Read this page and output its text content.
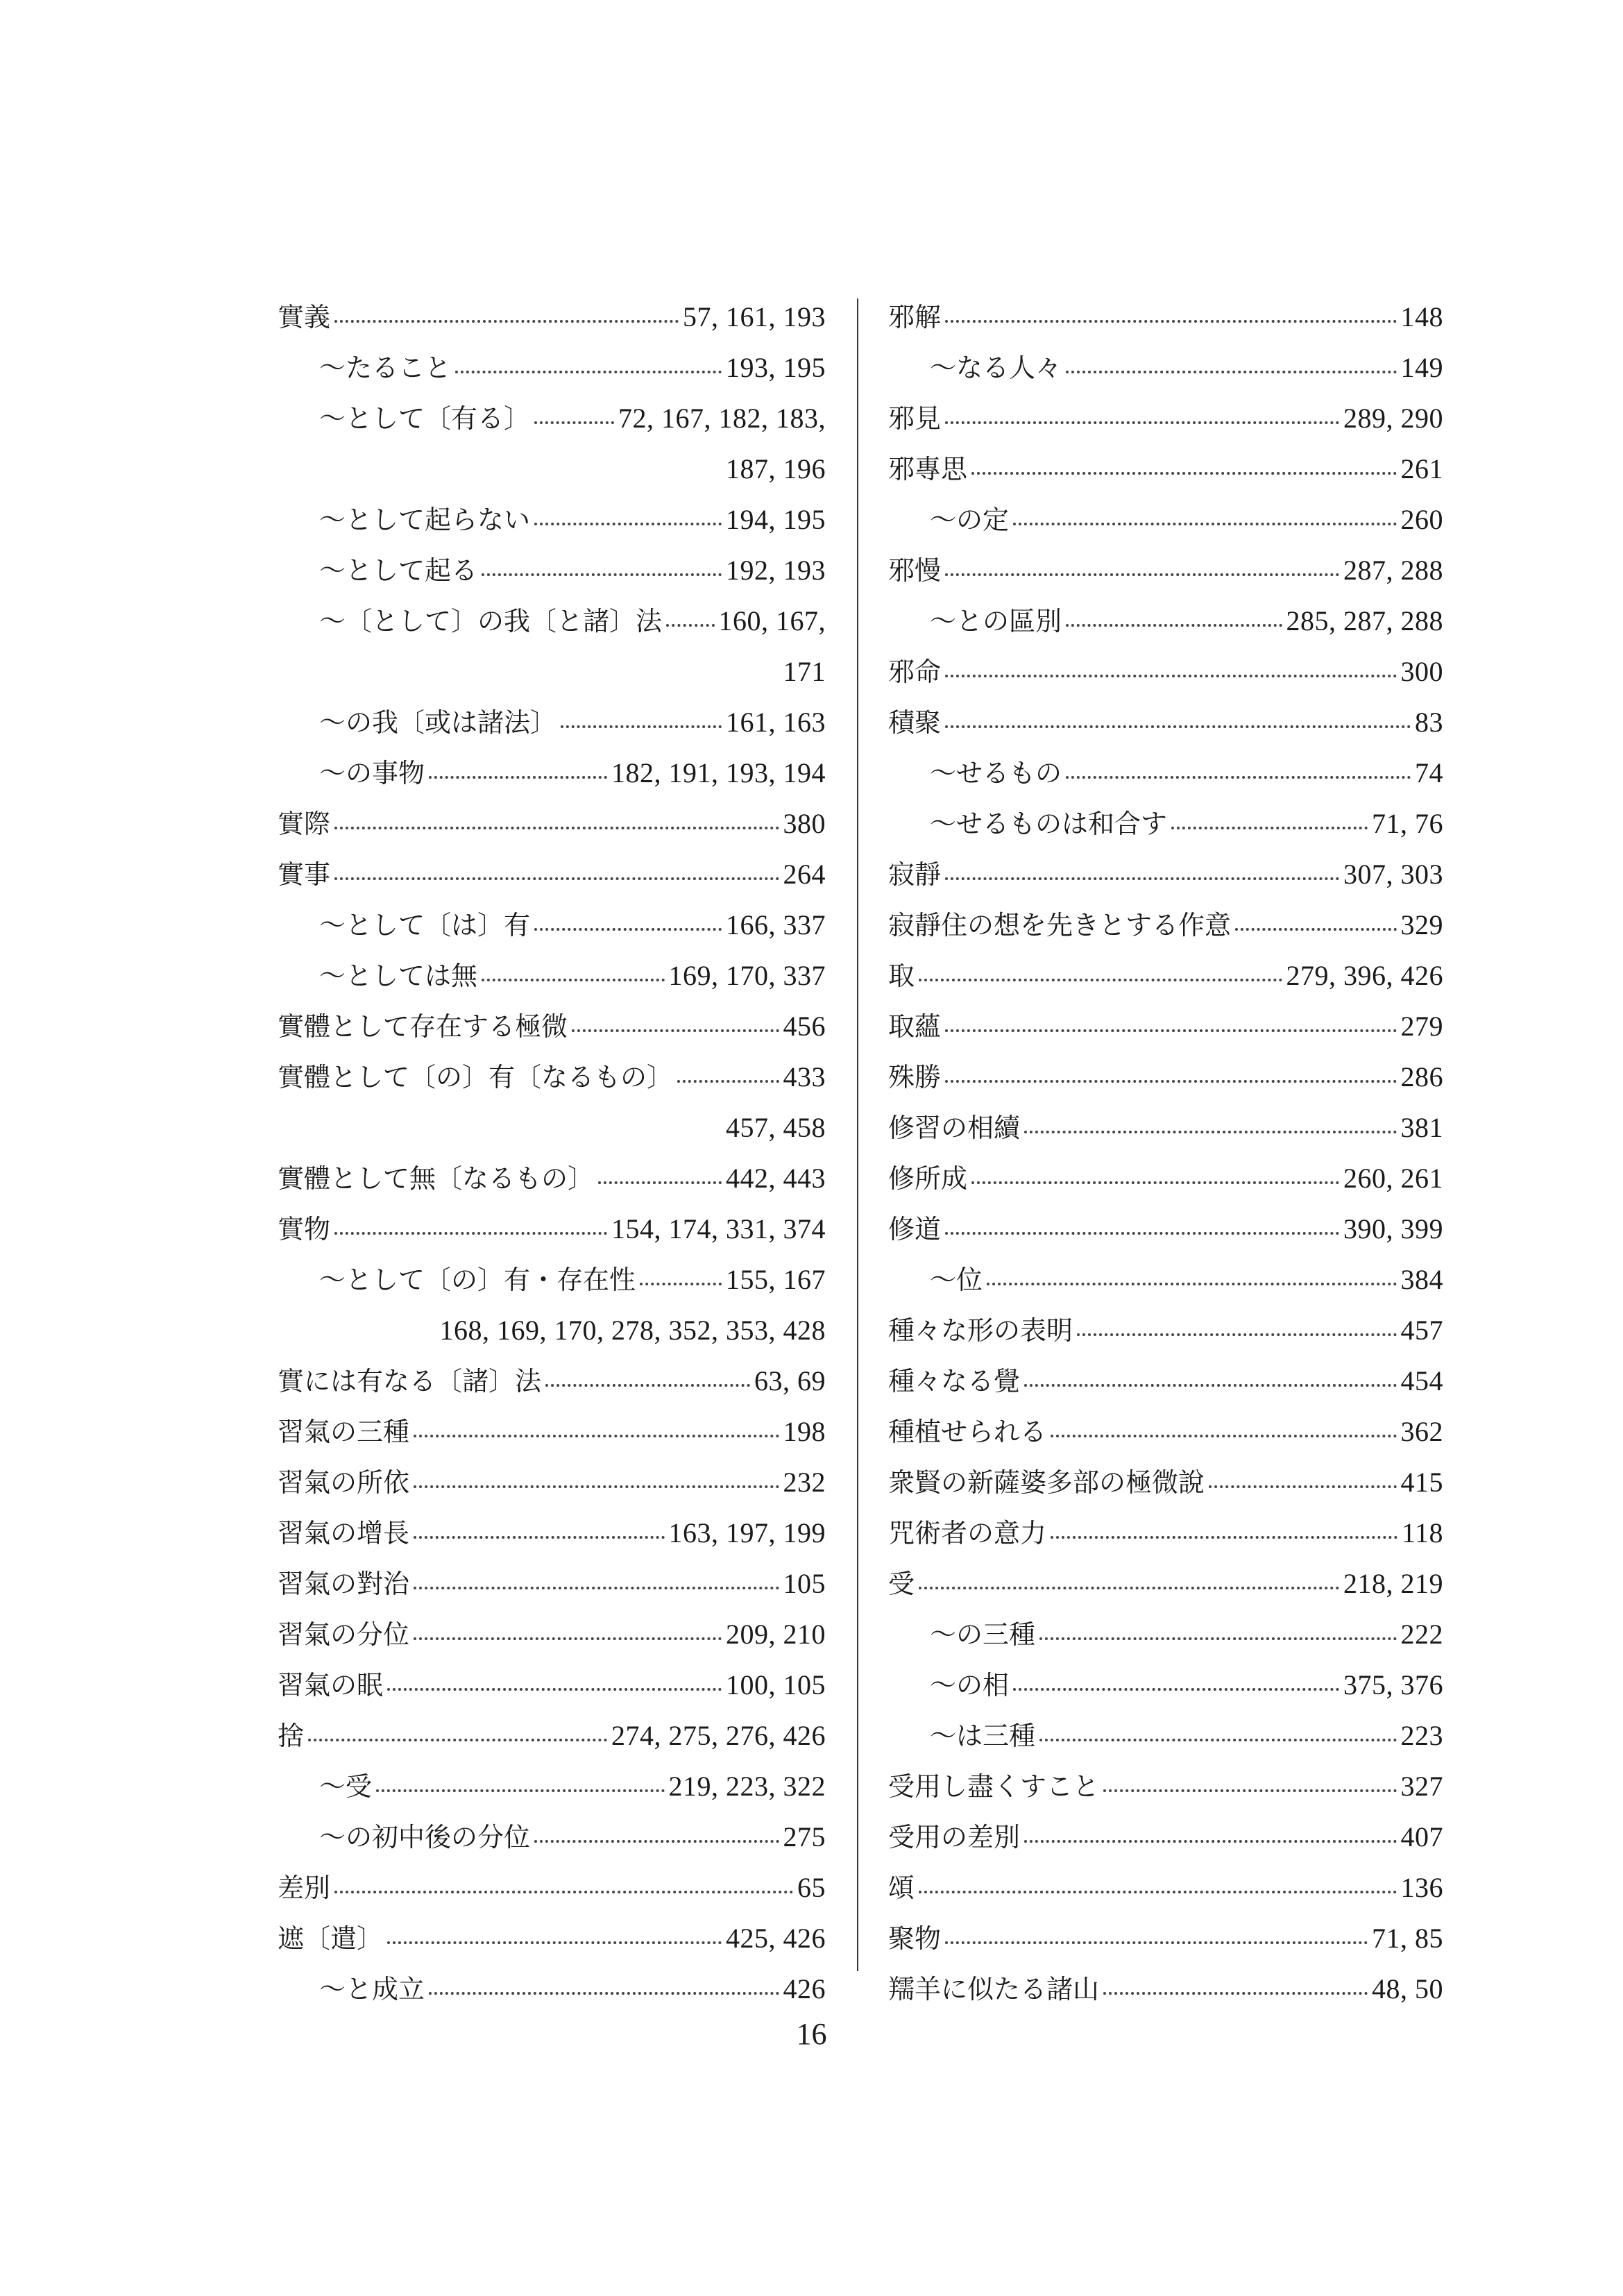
實義	57, 161, 193
〜たること	193, 195
〜として〔有る〕	72, 167, 182, 183,
187, 196
〜として起らない	194, 195
〜として起る	192, 193
〜〔として〕の我〔と諸〕法 160, 167,
171
〜の我〔或は諸法〕	161, 163
〜の事物	182, 191, 193, 194
實際	380
實事	264
〜として〔は〕有	166, 337
〜としては無	169, 170, 337
實體として存在する極微	456
實體として〔の〕有〔なるもの〕	433
457, 458
實體として無〔なるもの〕	442, 443
實物	154, 174, 331, 374
〜として〔の〕有・存在性	155, 167
168, 169, 170, 278, 352, 353, 428
實には有なる〔諸〕法	63, 69
習氣の三種	198
習氣の所依	232
習氣の增長	163, 197, 199
習氣の對治	105
習氣の分位	209, 210
習氣の眠	100, 105
捨	274, 275, 276, 426
〜受	219, 223, 322
〜の初中後の分位	275
差別	65
遮〔遣〕	425, 426
〜と成立	426
邪解	148
〜なる人々	149
邪見	289, 290
邪專思	261
〜の定	260
邪慢	287, 288
〜との區別	285, 287, 288
邪命	300
積聚	83
〜せるもの	74
〜せるものは和合す	71, 76
寂靜	307, 303
寂靜住の想を先きとする作意	329
取	279, 396, 426
取蘊	279
殊勝	286
修習の相續	381
修所成	260, 261
修道	390, 399
〜位	384
種々な形の表明	457
種々なる覺	454
種植せられる	362
衆賢の新薩婆多部の極微說	415
咒術者の意力	118
受	218, 219
〜の三種	222
〜の相	375, 376
〜は三種	223
受用し盡くすこと	327
受用の差別	407
頌	136
聚物	71, 85
羺羊に似たる諸山	48, 50
16
